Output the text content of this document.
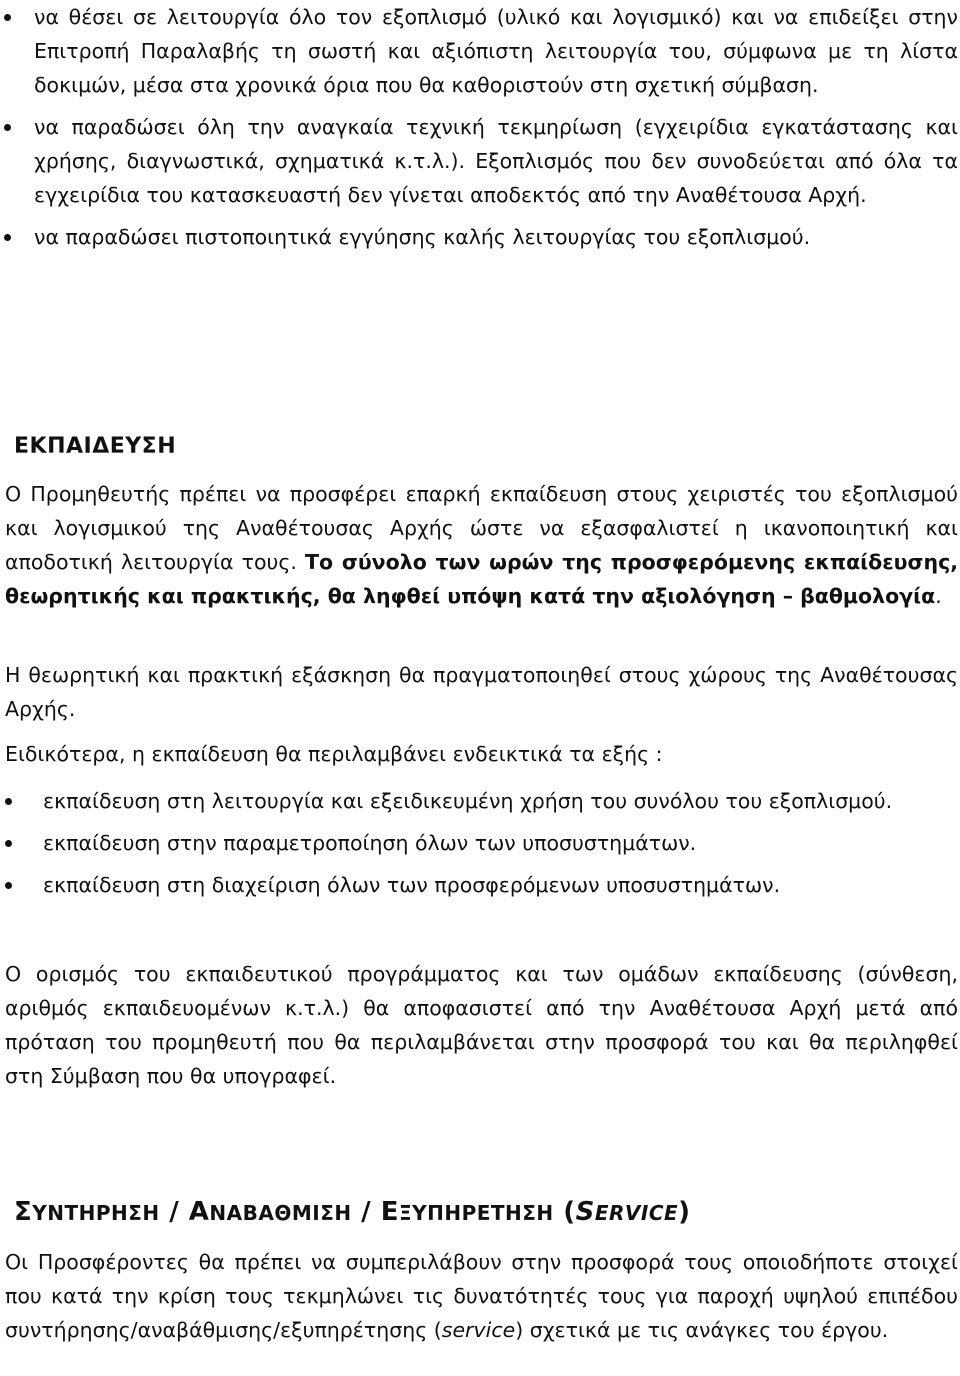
να θέσει σε λειτουργία όλο τον εξοπλισμό (υλικό και λογισμικό) και να επιδείξει στην Επιτροπή Παραλαβής τη σωστή και αξιόπιστη λειτουργία του, σύμφωνα με τη λίστα δοκιμών, μέσα στα χρονικά όρια που θα καθοριστούν στη σχετική σύμβαση.
να παραδώσει όλη την αναγκαία τεχνική τεκμηρίωση (εγχειρίδια εγκατάστασης και χρήσης, διαγνωστικά, σχηματικά κ.τ.λ.). Εξοπλισμός που δεν συνοδεύεται από όλα τα εγχειρίδια του κατασκευαστή δεν γίνεται αποδεκτός από την Αναθέτουσα Αρχή.
να παραδώσει πιστοποιητικά εγγύησης καλής λειτουργίας του εξοπλισμού.
ΕΚΠΑΙΔΕΥΣΗ

Ο Προμηθευτής πρέπει να προσφέρει επαρκή εκπαίδευση στους χειριστές του εξοπλισμού και λογισμικού της Αναθέτουσας Αρχής ώστε να εξασφαλιστεί η ικανοποιητική και αποδοτική λειτουργία τους. Το σύνολο των ωρών της προσφερόμενης εκπαίδευσης, θεωρητικής και πρακτικής, θα ληφθεί υπόψη κατά την αξιολόγηση – βαθμολογία.

Η θεωρητική και πρακτική εξάσκηση θα πραγματοποιηθεί στους χώρους της Αναθέτουσας Αρχής.

Ειδικότερα, η εκπαίδευση θα περιλαμβάνει ενδεικτικά τα εξής :

εκπαίδευση στη λειτουργία και εξειδικευμένη χρήση του συνόλου του εξοπλισμού.
εκπαίδευση στην παραμετροποίηση όλων των υποσυστημάτων.
εκπαίδευση στη διαχείριση όλων των προσφερόμενων υποσυστημάτων.

Ο ορισμός του εκπαιδευτικού προγράμματος και των ομάδων εκπαίδευσης (σύνθεση, αριθμός εκπαιδευομένων κ.τ.λ.) θα αποφασιστεί από την Αναθέτουσα Αρχή μετά από πρόταση του προμηθευτή που θα περιλαμβάνεται στην προσφορά του και θα περιληφθεί στη Σύμβαση που θα υπογραφεί.

ΣΥΝΤΗΡΗΣΗ / ΑΝΑΒΑΘΜΙΣΗ / ΕΞΥΠΗΡΕΤΗΣΗ (SERVICE)

Οι Προσφέροντες θα πρέπει να συμπεριλάβουν στην προσφορά τους οποιοδήποτε στοιχεί που κατά την κρίση τους τεκμηλώνει τις δυνατότητές τους για παροχή υψηλού επιπέδου συντήρησης/αναβάθμισης/εξυπηρέτησης (service) σχετικά με τις ανάγκες του έργου.
